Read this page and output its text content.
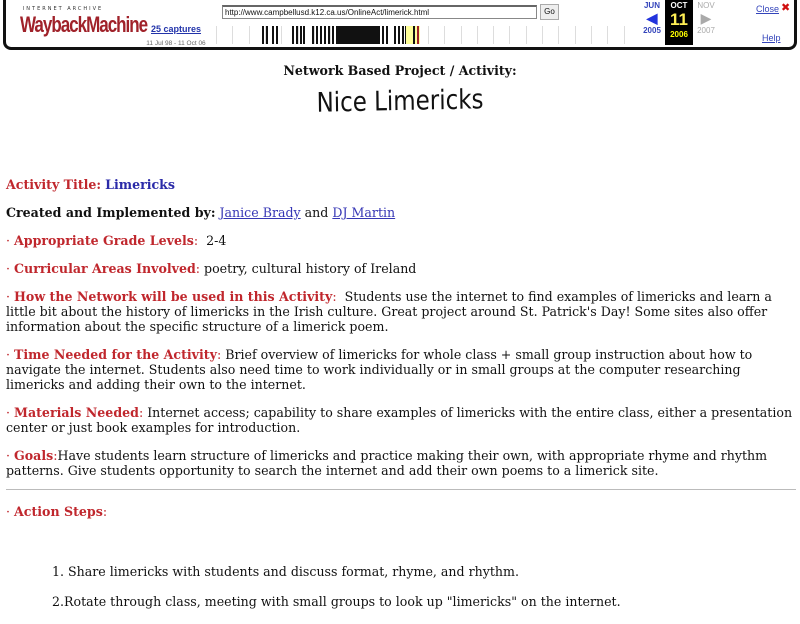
INTERNET ARCHIVE
WaybackMachine
http://www.campbellusd.k12.ca.us/OnlineAct/limerick.html	Go
25 captures
11 Jul 98 - 11 Oct 06
JUN
◀
2005
OCT
11
2006
NOV
▶
2007
Close ✖
Help
Network Based Project / Activity:
Nice Limericks

Activity Title: Limericks

Created and Implemented by: Janice Brady and DJ Martin

· Appropriate Grade Levels:  2-4

· Curricular Areas Involved: poetry, cultural history of Ireland

· How the Network will be used in this Activity:  Students use the internet to find examples of limericks and learn a little bit about the history of limericks in the Irish culture. Great project around St. Patrick's Day! Some sites also offer information about the specific structure of a limerick poem.

· Time Needed for the Activity: Brief overview of limericks for whole class + small group instruction about how to navigate the internet. Students also need time to work individually or in small groups at the computer researching limericks and adding their own to the internet.

· Materials Needed: Internet access; capability to share examples of limericks with the entire class, either a presentation center or just book examples for introduction.

· Goals:Have students learn structure of limericks and practice making their own, with appropriate rhyme and rhythm patterns. Give students opportunity to search the internet and add their own poems to a limerick site.

· Action Steps:

1. Share limericks with students and discuss format, rhyme, and rhythm.
2.Rotate through class, meeting with small groups to look up "limericks" on the internet.
